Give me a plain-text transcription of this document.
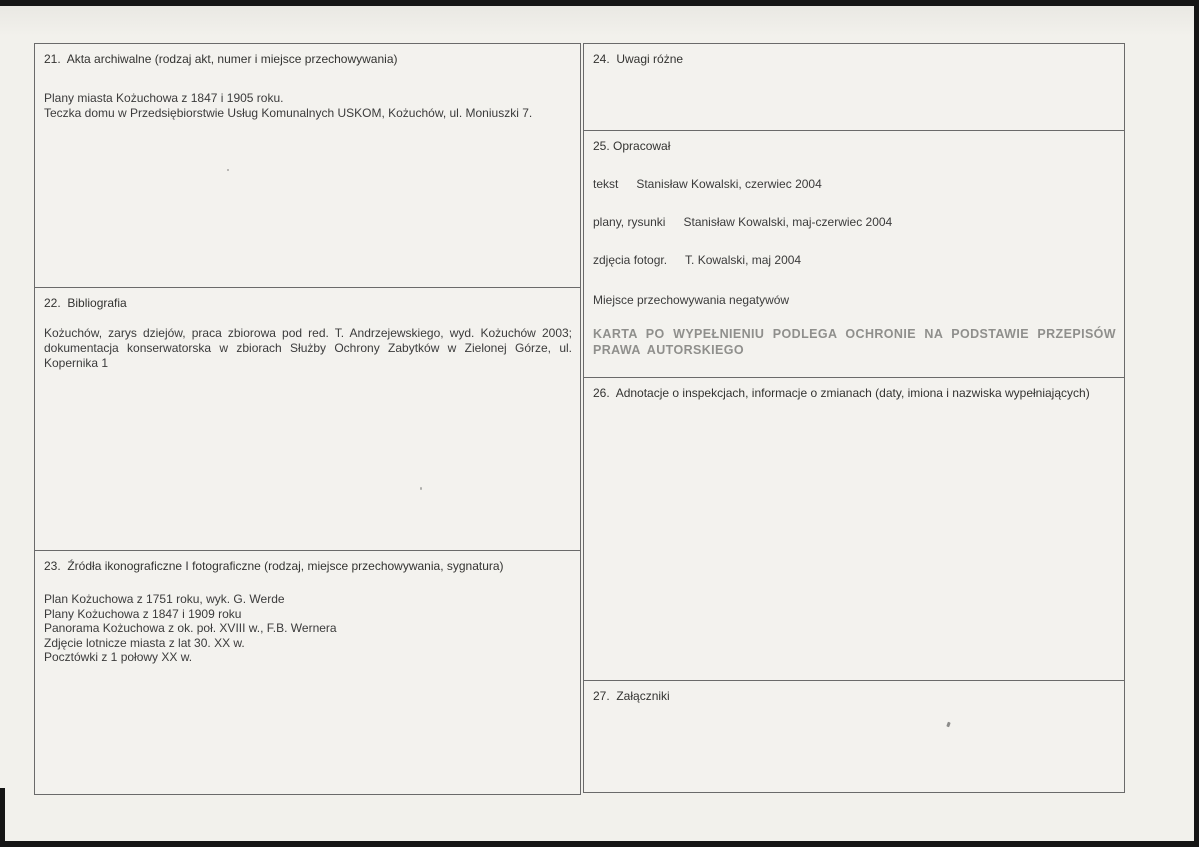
21.  Akta archiwalne (rodzaj akt, numer i miejsce przechowywania)
Plany miasta Kożuchowa z 1847 i 1905 roku.
Teczka domu w Przedsiębiorstwie Usług Komunalnych USKOM, Kożuchów, ul. Moniuszki 7.
22.  Bibliografia
Kożuchów, zarys dziejów, praca zbiorowa pod red. T. Andrzejewskiego, wyd. Kożuchów 2003; dokumentacja konserwatorska w zbiorach Służby Ochrony Zabytków w Zielonej Górze, ul. Kopernika 1
23.  Źródła ikonograficzne I fotograficzne (rodzaj, miejsce przechowywania, sygnatura)
Plan Kożuchowa z 1751 roku, wyk. G. Werde
Plany Kożuchowa z 1847 i 1909 roku
Panorama Kożuchowa z ok. poł. XVIII w., F.B. Wernera
Zdjęcie lotnicze miasta z lat 30. XX w.
Pocztówki z 1 połowy XX w.
24.  Uwagi różne
25. Opracował
tekst Stanisław Kowalski, czerwiec 2004
plany, rysunki Stanisław Kowalski, maj-czerwiec 2004
zdjęcia fotogr. T. Kowalski, maj 2004
Miejsce przechowywania negatywów
KARTA PO WYPEŁNIENIU PODLEGA OCHRONIE NA PODSTAWIE PRZEPISÓW PRAWA AUTORSKIEGO
26.  Adnotacje o inspekcjach, informacje o zmianach (daty, imiona i nazwiska wypełniających)
27.  Załączniki
